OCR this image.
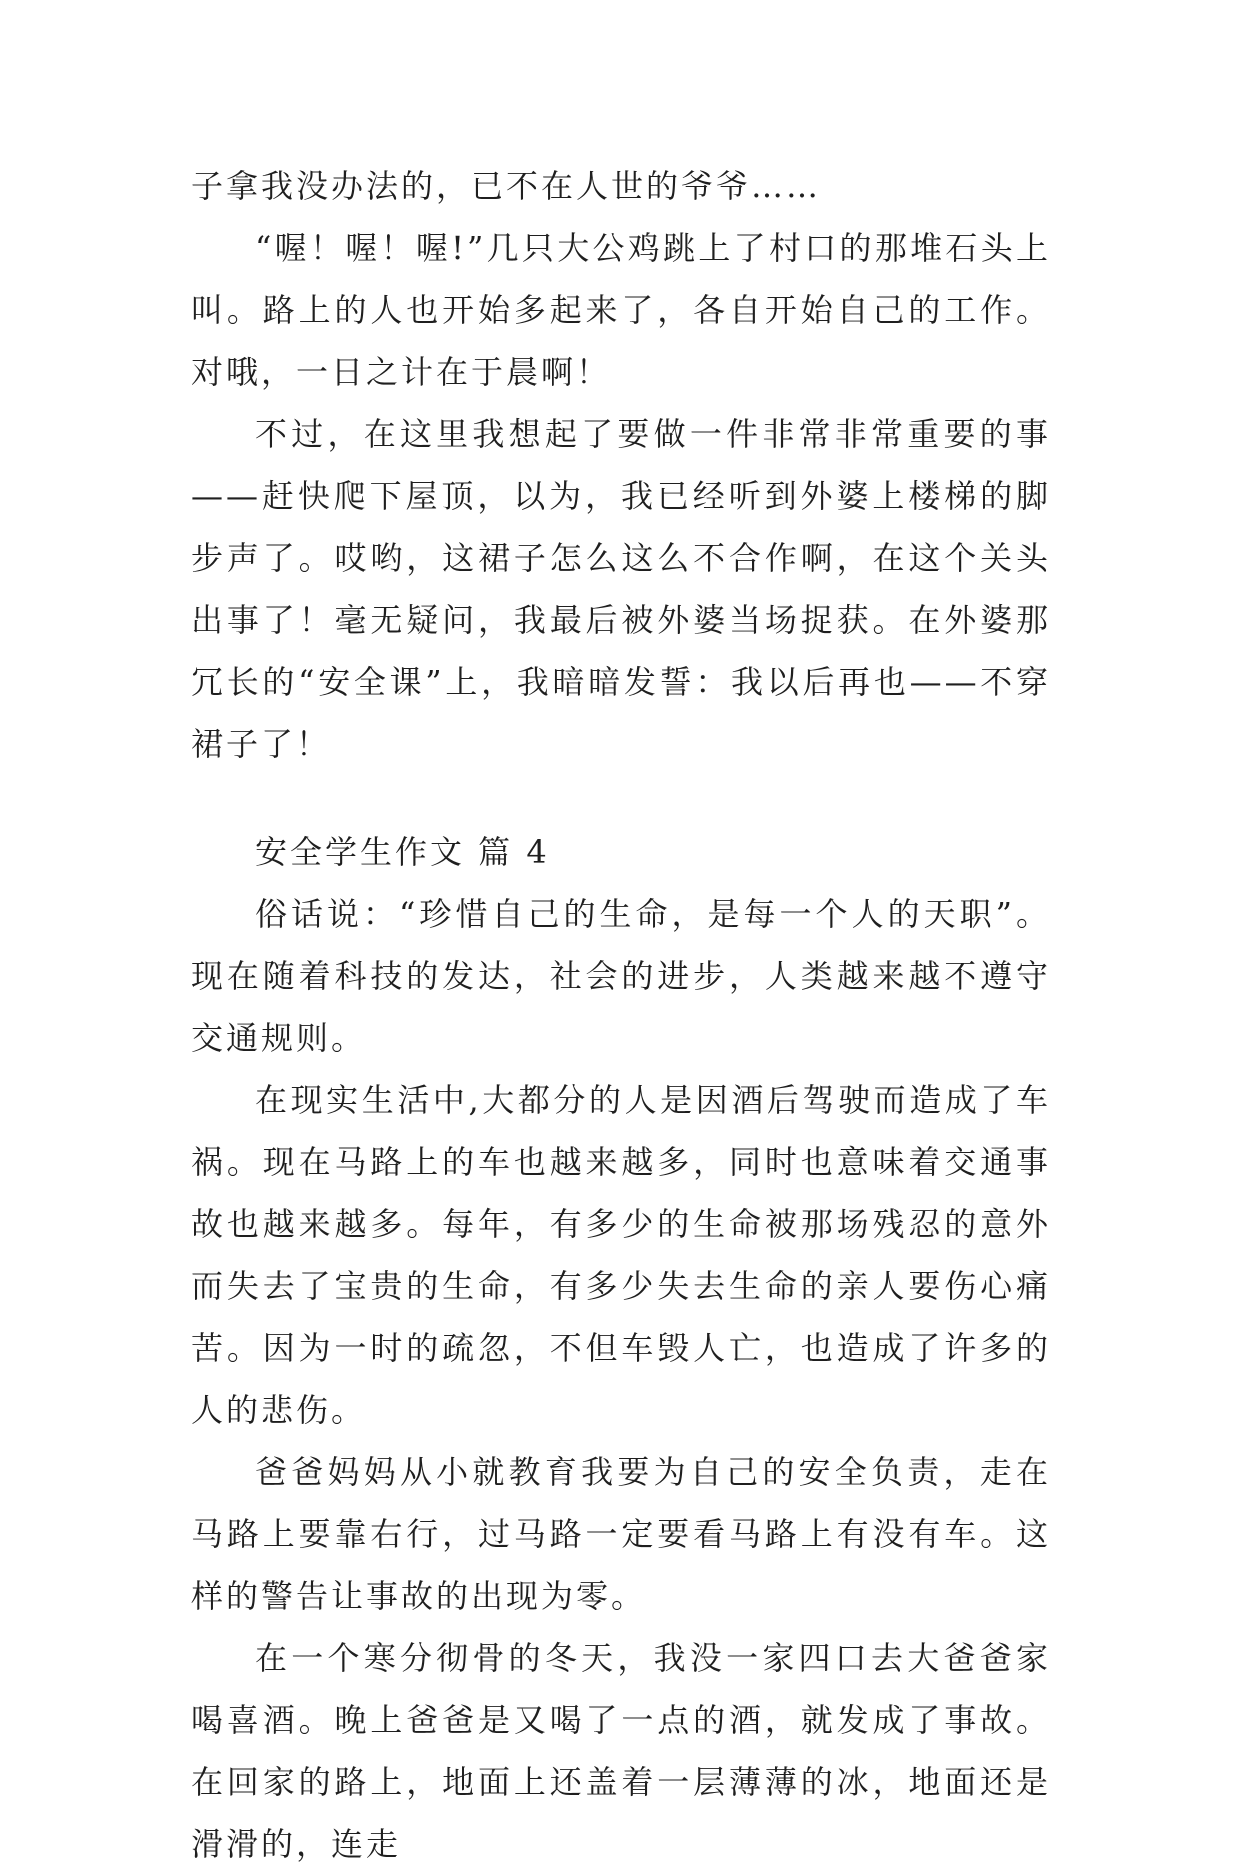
子拿我没办法的，已不在人世的爷爷……

“喔！喔！喔!”几只大公鸡跳上了村口的那堆石头上叫。路上的人也开始多起来了，各自开始自己的工作。对哦，一日之计在于晨啊！

不过，在这里我想起了要做一件非常非常重要的事——赶快爬下屋顶，以为，我已经听到外婆上楼梯的脚步声了。哎哟，这裙子怎么这么不合作啊，在这个关头出事了！毫无疑问，我最后被外婆当场捉获。在外婆那冗长的“安全课”上，我暗暗发誓：我以后再也——不穿裙子了！

安全学生作文 篇 4

俗话说：“珍惜自己的生命，是每一个人的天职”。现在随着科技的发达，社会的进步，人类越来越不遵守交通规则。

在现实生活中,大都分的人是因酒后驾驶而造成了车祸。现在马路上的车也越来越多，同时也意味着交通事故也越来越多。每年，有多少的生命被那场残忍的意外而失去了宝贵的生命，有多少失去生命的亲人要伤心痛苦。因为一时的疏忽，不但车毁人亡，也造成了许多的人的悲伤。

爸爸妈妈从小就教育我要为自己的安全负责，走在马路上要靠右行，过马路一定要看马路上有没有车。这样的警告让事故的出现为零。

在一个寒分彻骨的冬天，我没一家四口去大爸爸家喝喜酒。晚上爸爸是又喝了一点的酒，就发成了事故。在回家的路上，地面上还盖着一层薄薄的冰，地面还是滑滑的，连走
